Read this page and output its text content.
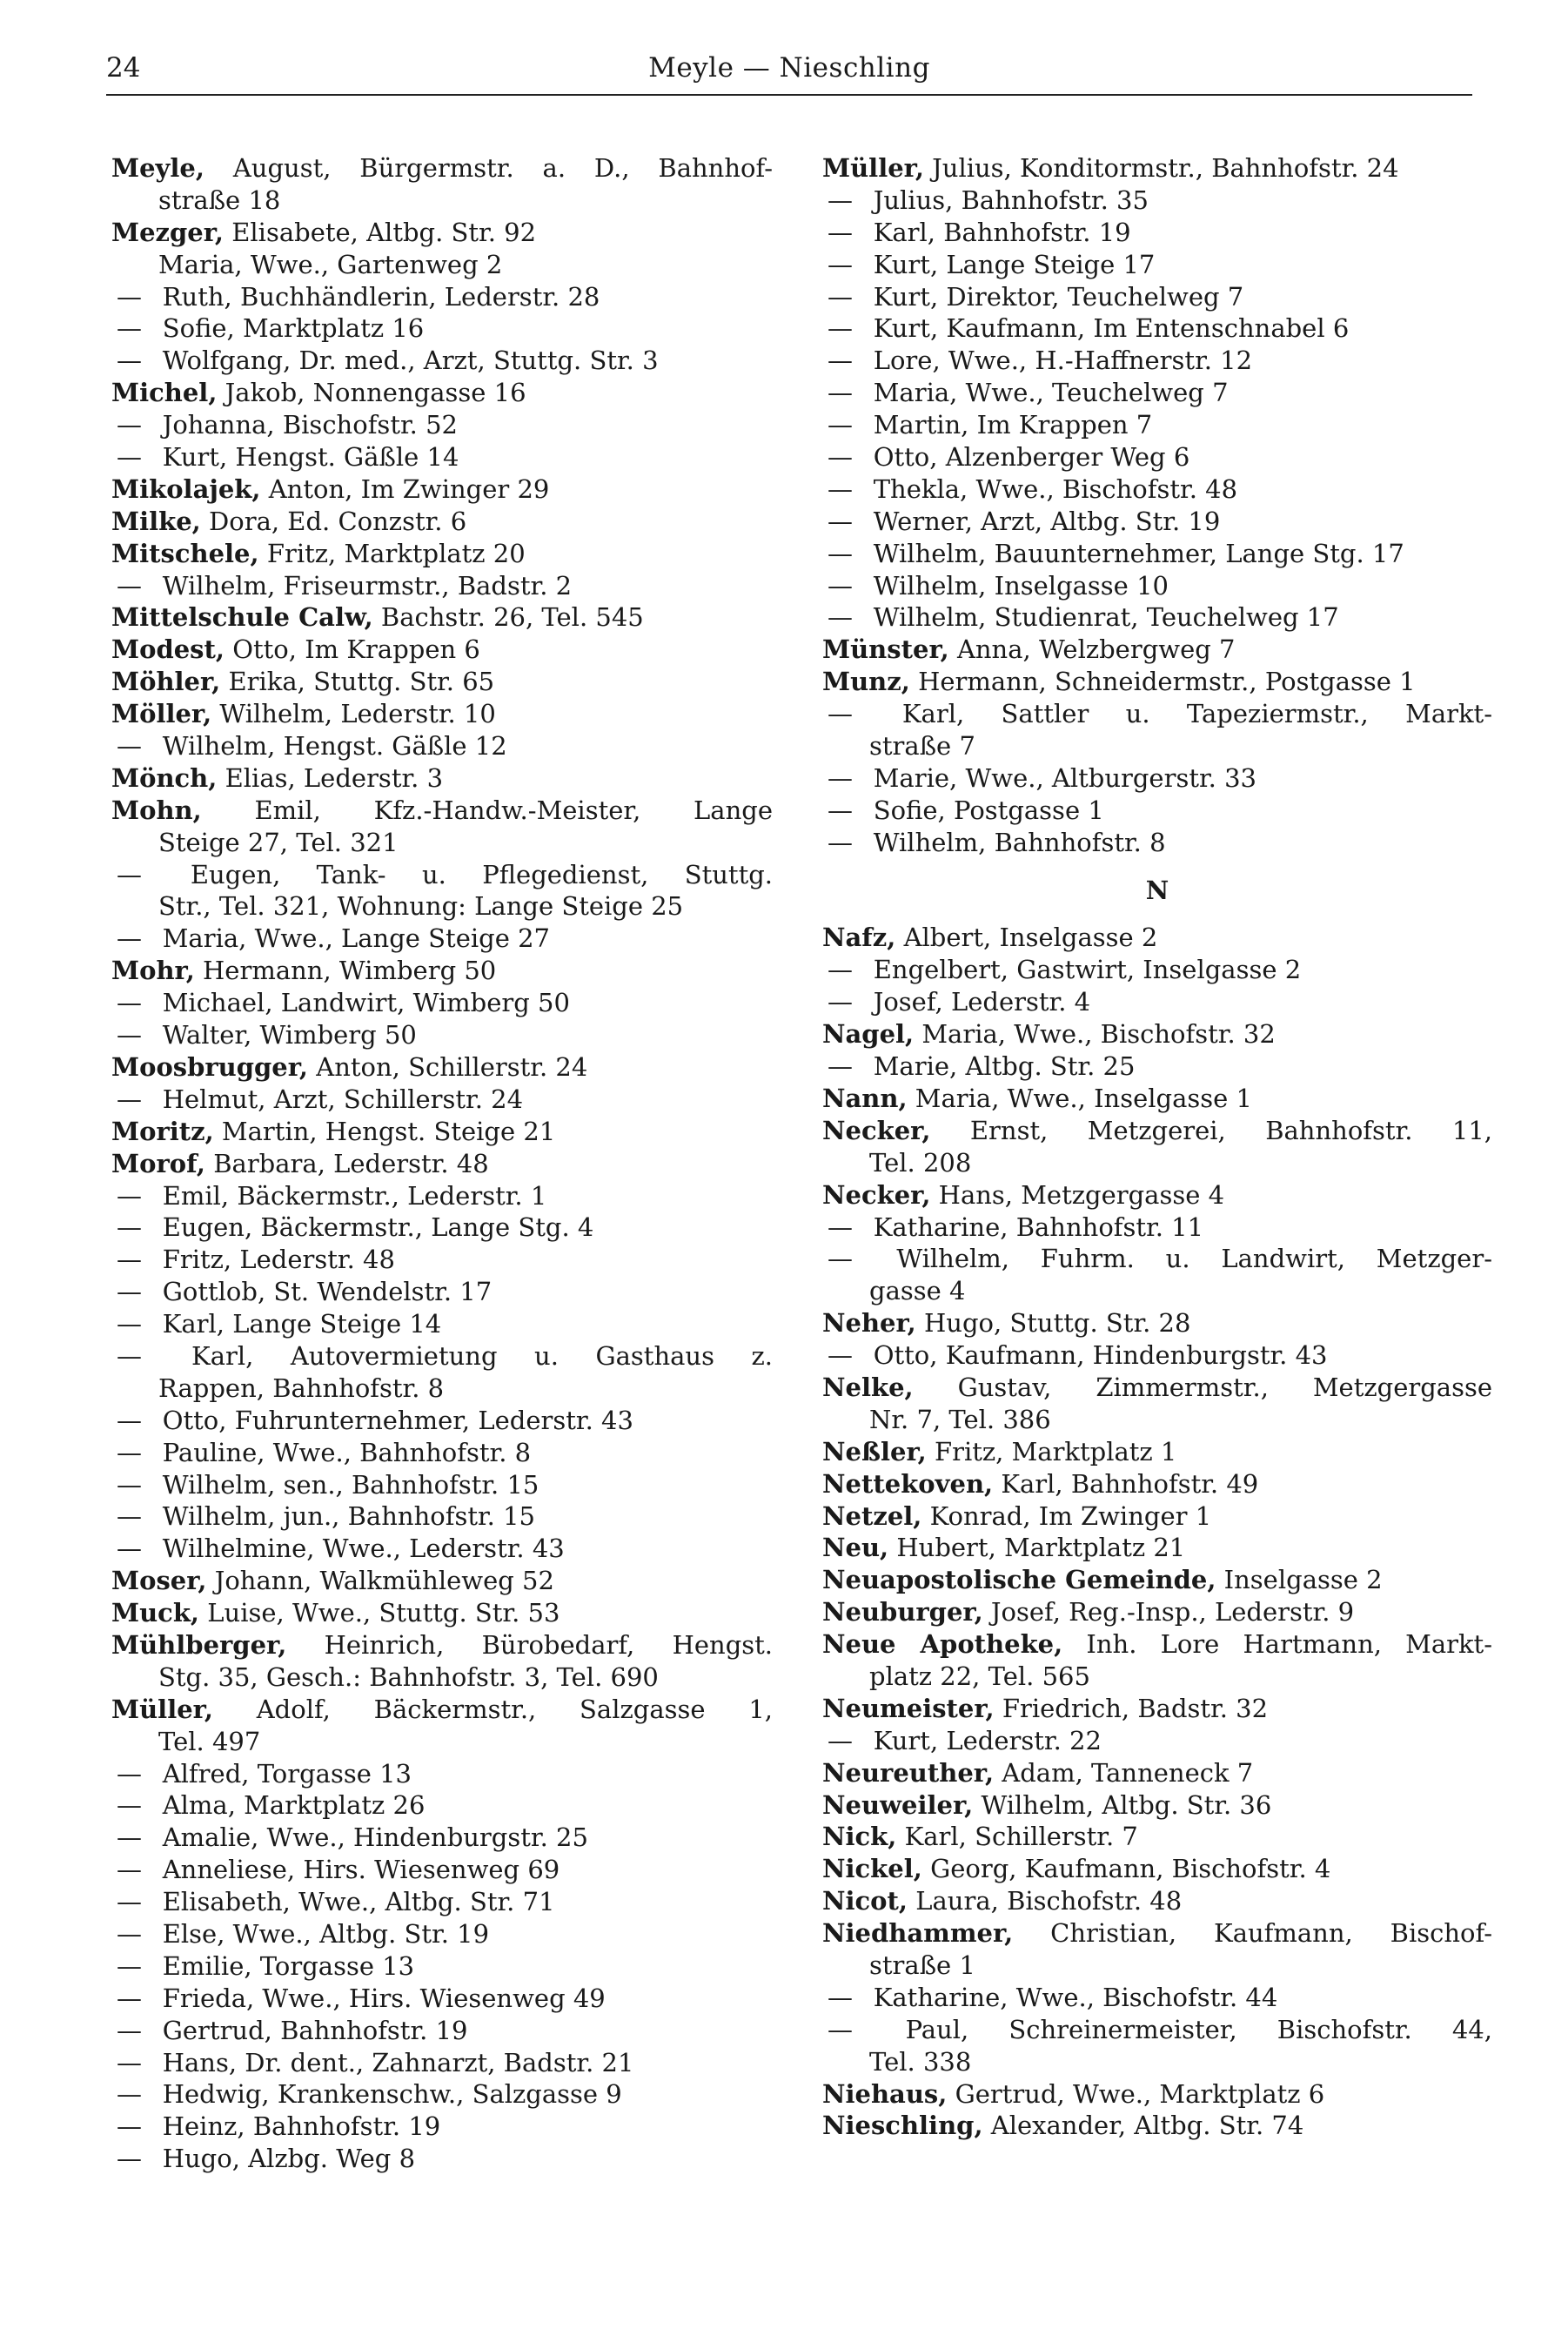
24	Meyle — Nieschling
Meyle, August, Bürgermstr. a. D., Bahnhof-
straße 18
Mezger, Elisabete, Altbg. Str. 92
Maria, Wwe., Gartenweg 2
— Ruth, Buchhändlerin, Lederstr. 28
— Sofie, Marktplatz 16
— Wolfgang, Dr. med., Arzt, Stuttg. Str. 3
Michel, Jakob, Nonnengasse 16
— Johanna, Bischofstr. 52
— Kurt, Hengst. Gäßle 14
Mikolajek, Anton, Im Zwinger 29
Milke, Dora, Ed. Conzstr. 6
Mitschele, Fritz, Marktplatz 20
— Wilhelm, Friseurmstr., Badstr. 2
Mittelschule Calw, Bachstr. 26, Tel. 545
Modest, Otto, Im Krappen 6
Möhler, Erika, Stuttg. Str. 65
Möller, Wilhelm, Lederstr. 10
— Wilhelm, Hengst. Gäßle 12
Mönch, Elias, Lederstr. 3
Mohn, Emil, Kfz.-Handw.-Meister, Lange
Steige 27, Tel. 321
— Eugen, Tank- u. Pflegedienst, Stuttg.
Str., Tel. 321, Wohnung: Lange Steige 25
— Maria, Wwe., Lange Steige 27
Mohr, Hermann, Wimberg 50
— Michael, Landwirt, Wimberg 50
— Walter, Wimberg 50
Moosbrugger, Anton, Schillerstr. 24
— Helmut, Arzt, Schillerstr. 24
Moritz, Martin, Hengst. Steige 21
Morof, Barbara, Lederstr. 48
— Emil, Bäckermstr., Lederstr. 1
— Eugen, Bäckermstr., Lange Stg. 4
— Fritz, Lederstr. 48
— Gottlob, St. Wendelstr. 17
— Karl, Lange Steige 14
— Karl, Autovermietung u. Gasthaus z.
Rappen, Bahnhofstr. 8
— Otto, Fuhrunternehmer, Lederstr. 43
— Pauline, Wwe., Bahnhofstr. 8
— Wilhelm, sen., Bahnhofstr. 15
— Wilhelm, jun., Bahnhofstr. 15
— Wilhelmine, Wwe., Lederstr. 43
Moser, Johann, Walkmühleweg 52
Muck, Luise, Wwe., Stuttg. Str. 53
Mühlberger, Heinrich, Bürobedarf, Hengst.
Stg. 35, Gesch.: Bahnhofstr. 3, Tel. 690
Müller, Adolf, Bäckermstr., Salzgasse 1,
Tel. 497
— Alfred, Torgasse 13
— Alma, Marktplatz 26
— Amalie, Wwe., Hindenburgstr. 25
— Anneliese, Hirs. Wiesenweg 69
— Elisabeth, Wwe., Altbg. Str. 71
— Else, Wwe., Altbg. Str. 19
— Emilie, Torgasse 13
— Frieda, Wwe., Hirs. Wiesenweg 49
— Gertrud, Bahnhofstr. 19
— Hans, Dr. dent., Zahnarzt, Badstr. 21
— Hedwig, Krankenschw., Salzgasse 9
— Heinz, Bahnhofstr. 19
— Hugo, Alzbg. Weg 8
Müller, Julius, Konditormstr., Bahnhofstr. 24
— Julius, Bahnhofstr. 35
— Karl, Bahnhofstr. 19
— Kurt, Lange Steige 17
— Kurt, Direktor, Teuchelweg 7
— Kurt, Kaufmann, Im Entenschnabel 6
— Lore, Wwe., H.-Haffnerstr. 12
— Maria, Wwe., Teuchelweg 7
— Martin, Im Krappen 7
— Otto, Alzenberger Weg 6
— Thekla, Wwe., Bischofstr. 48
— Werner, Arzt, Altbg. Str. 19
— Wilhelm, Bauunternehmer, Lange Stg. 17
— Wilhelm, Inselgasse 10
— Wilhelm, Studienrat, Teuchelweg 17
Münster, Anna, Welzbergweg 7
Munz, Hermann, Schneidermstr., Postgasse 1
— Karl, Sattler u. Tapeziermstr., Markt-
straße 7
— Marie, Wwe., Altburgerstr. 33
— Sofie, Postgasse 1
— Wilhelm, Bahnhofstr. 8
N
Nafz, Albert, Inselgasse 2
— Engelbert, Gastwirt, Inselgasse 2
— Josef, Lederstr. 4
Nagel, Maria, Wwe., Bischofstr. 32
— Marie, Altbg. Str. 25
Nann, Maria, Wwe., Inselgasse 1
Necker, Ernst, Metzgerei, Bahnhofstr. 11,
Tel. 208
Necker, Hans, Metzgergasse 4
— Katharine, Bahnhofstr. 11
— Wilhelm, Fuhrm. u. Landwirt, Metzger-
gasse 4
Neher, Hugo, Stuttg. Str. 28
— Otto, Kaufmann, Hindenburgstr. 43
Nelke, Gustav, Zimmermstr., Metzgergasse
Nr. 7, Tel. 386
Neßler, Fritz, Marktplatz 1
Nettekoven, Karl, Bahnhofstr. 49
Netzel, Konrad, Im Zwinger 1
Neu, Hubert, Marktplatz 21
Neuapostolische Gemeinde, Inselgasse 2
Neuburger, Josef, Reg.-Insp., Lederstr. 9
Neue Apotheke, Inh. Lore Hartmann, Markt-
platz 22, Tel. 565
Neumeister, Friedrich, Badstr. 32
— Kurt, Lederstr. 22
Neureuther, Adam, Tanneneck 7
Neuweiler, Wilhelm, Altbg. Str. 36
Nick, Karl, Schillerstr. 7
Nickel, Georg, Kaufmann, Bischofstr. 4
Nicot, Laura, Bischofstr. 48
Niedhammer, Christian, Kaufmann, Bischof-
straße 1
— Katharine, Wwe., Bischofstr. 44
— Paul, Schreinermeister, Bischofstr. 44,
Tel. 338
Niehaus, Gertrud, Wwe., Marktplatz 6
Nieschling, Alexander, Altbg. Str. 74
